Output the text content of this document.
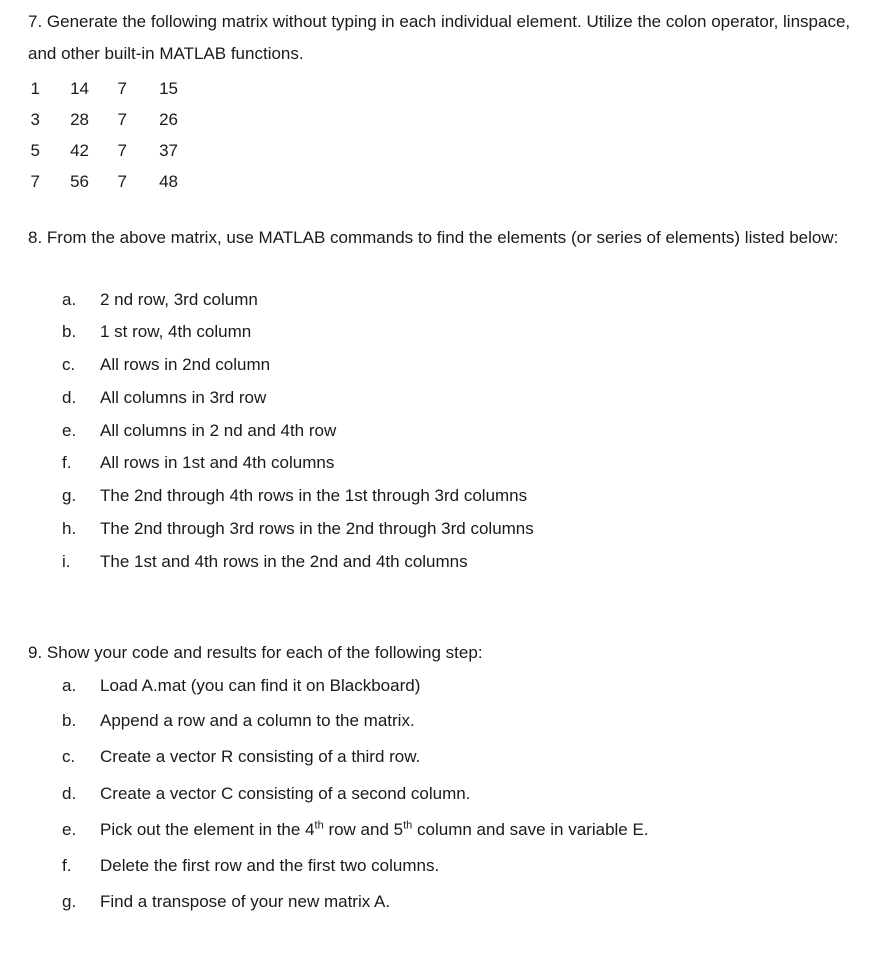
7. Generate the following matrix without typing in each individual element. Utilize the colon operator, linspace, and other built-in MATLAB functions.

1	14 7	15
3	28 7	26
5	42 7	37
7	56 7	48

8. From the above matrix, use MATLAB commands to find the elements (or series of elements) listed below:

a.	2 nd row, 3rd column
b.	1 st row, 4th column
c.	All rows in 2nd column
d.	All columns in 3rd row
e.	All columns in 2 nd and 4th row
f.	All rows in 1st and 4th columns
g.	The 2nd through 4th rows in the 1st through 3rd columns
h.	The 2nd through 3rd rows in the 2nd through 3rd columns
i.	The 1st and 4th rows in the 2nd and 4th columns

9. Show your code and results for each of the following step:

a.	Load A.mat (you can find it on Blackboard)
b.	Append a row and a column to the matrix.
c.	Create a vector R consisting of a third row.
d.	Create a vector C consisting of a second column.
e.	Pick out the element in the 4th row and 5th column and save in variable E.
f.	Delete the first row and the first two columns.
g.	Find a transpose of your new matrix A.
